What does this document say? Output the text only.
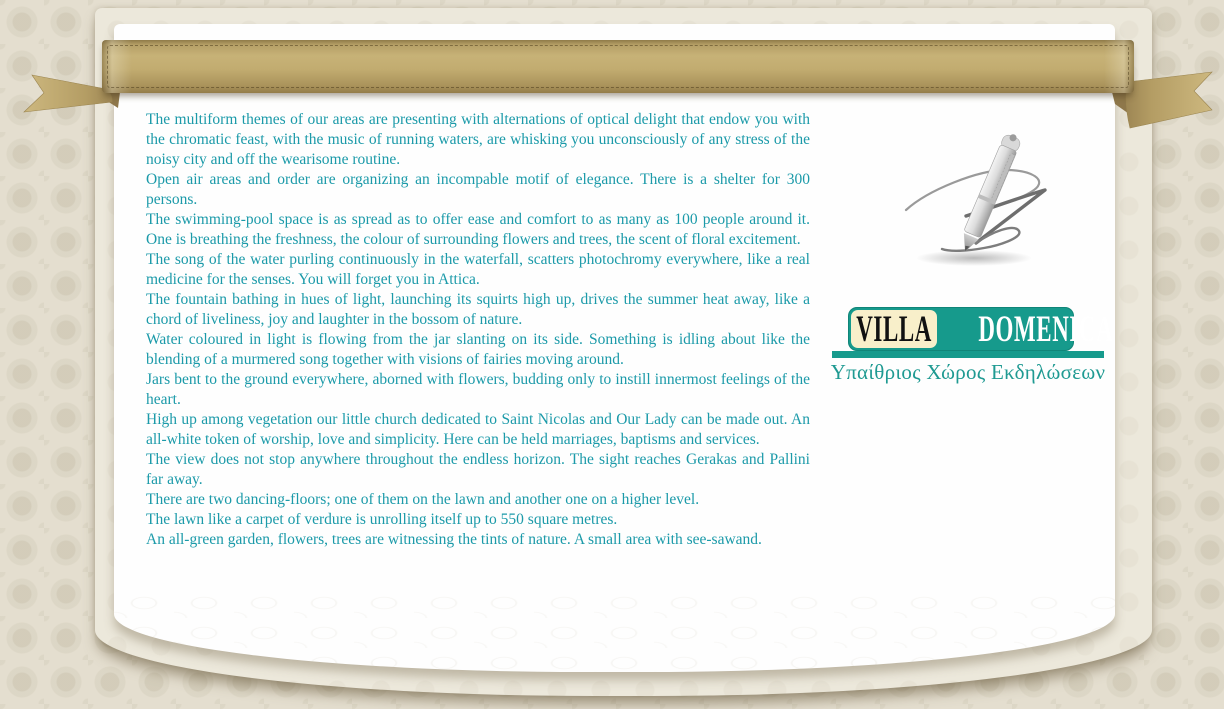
The multiform themes of our areas are presenting with alternations of optical delight that endow you with the chromatic feast, with the music of running waters, are whisking you unconsciously of any stress of the noisy city and off the wearisome routine.

Open air areas and order are organizing an incompable motif of elegance. There is a shelter for 300 persons.

The swimming-pool space is as spread as to offer ease and comfort to as many as 100 people around it. One is breathing the freshness, the colour of surrounding flowers and trees, the scent of floral excitement.

The song of the water purling continuously in the waterfall, scatters photochromy everywhere, like a real medicine for the senses. You will forget you in Attica.

The fountain bathing in hues of light, launching its squirts high up, drives the summer heat away, like a chord of liveliness, joy and laughter in the bossom of nature.

Water coloured in light is flowing from the jar slanting on its side. Something is idling about like the blending of a murmered song together with visions of fairies moving around.

Jars bent to the ground everywhere, aborned with flowers, budding only to instill innermost feelings of the heart.

High up among vegetation our little church dedicated to Saint Nicolas and Our Lady can be made out. An all-white token of worship, love and simplicity. Here can be held marriages, baptisms and services.

The view does not stop anywhere throughout the endless horizon. The sight reaches Gerakas and Pallini far away.

There are two dancing-floors; one of them on the lawn and another one on a higher level.

The lawn like a carpet of verdure is unrolling itself up to 550 square metres.

An all-green garden, flowers, trees are witnessing the tints of nature. A small area with see-sawand.

VILLA DOMENICA
Υπαίθριος Χώρος Εκδηλώσεων
